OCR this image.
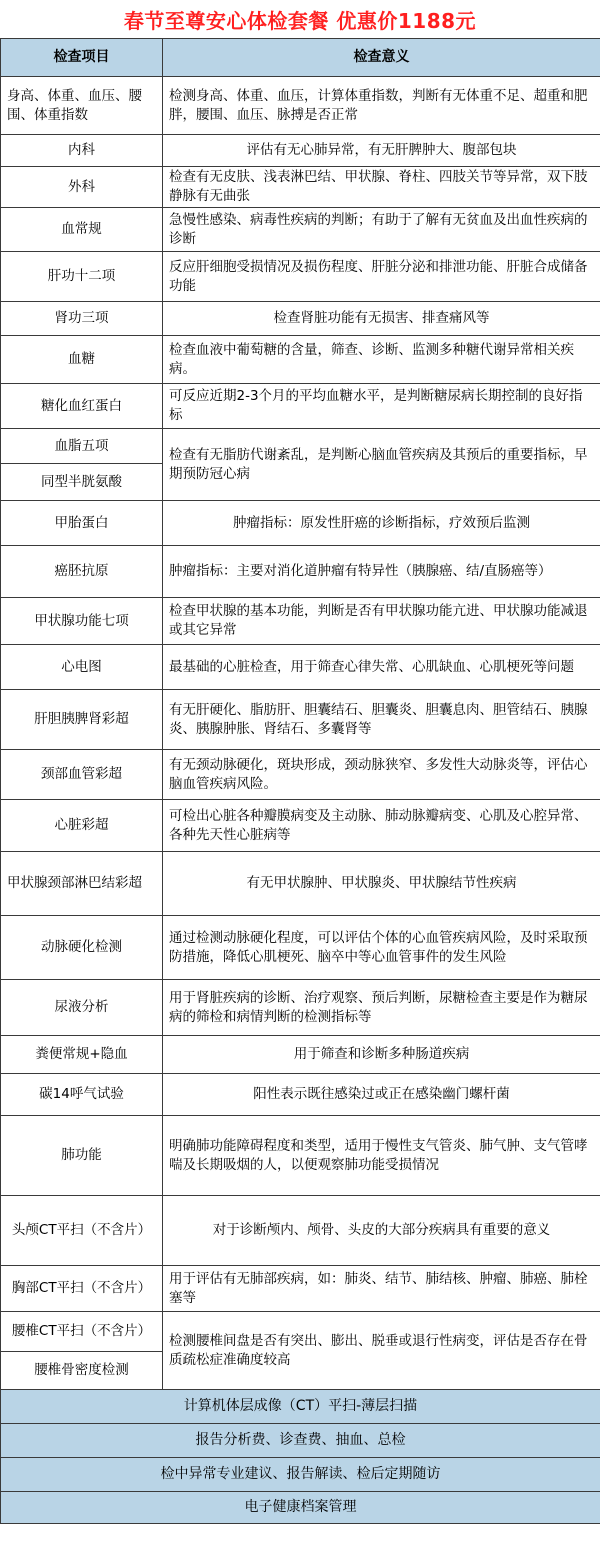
春节至尊安心体检套餐 优惠价1188元
检查项目	检查意义
身高、体重、血压、腰围、体重指数	检测身高、体重、血压，计算体重指数，判断有无体重不足、超重和肥胖，腰围、血压、脉搏是否正常
内科	评估有无心肺异常，有无肝脾肿大、腹部包块
外科	检查有无皮肤、浅表淋巴结、甲状腺、脊柱、四肢关节等异常，双下肢静脉有无曲张
血常规	急慢性感染、病毒性疾病的判断；有助于了解有无贫血及出血性疾病的诊断
肝功十二项	反应肝细胞受损情况及损伤程度、肝脏分泌和排泄功能、肝脏合成储备功能
肾功三项	检查肾脏功能有无损害、排查痛风等
血糖	检查血液中葡萄糖的含量，筛查、诊断、监测多种糖代谢异常相关疾病。
糖化血红蛋白	可反应近期2-3个月的平均血糖水平，是判断糖尿病长期控制的良好指标
血脂五项	检查有无脂肪代谢紊乱，是判断心脑血管疾病及其预后的重要指标，早期预防冠心病
同型半胱氨酸	
甲胎蛋白	肿瘤指标：原发性肝癌的诊断指标，疗效预后监测
癌胚抗原	肿瘤指标：主要对消化道肿瘤有特异性（胰腺癌、结/直肠癌等）
甲状腺功能七项	检查甲状腺的基本功能，判断是否有甲状腺功能亢进、甲状腺功能减退或其它异常
心电图	最基础的心脏检查，用于筛查心律失常、心肌缺血、心肌梗死等问题
肝胆胰脾肾彩超	有无肝硬化、脂肪肝、胆囊结石、胆囊炎、胆囊息肉、胆管结石、胰腺炎、胰腺肿胀、肾结石、多囊肾等
颈部血管彩超	有无颈动脉硬化，斑块形成，颈动脉狭窄、多发性大动脉炎等，评估心脑血管疾病风险。
心脏彩超	可检出心脏各种瓣膜病变及主动脉、肺动脉瓣病变、心肌及心腔异常、各种先天性心脏病等
甲状腺颈部淋巴结彩超	有无甲状腺肿、甲状腺炎、甲状腺结节性疾病
动脉硬化检测	通过检测动脉硬化程度，可以评估个体的心血管疾病风险，及时采取预防措施，降低心肌梗死、脑卒中等心血管事件的发生风险
尿液分析	用于肾脏疾病的诊断、治疗观察、预后判断，尿糖检查主要是作为糖尿病的筛检和病情判断的检测指标等
粪便常规+隐血	用于筛查和诊断多种肠道疾病
碳14呼气试验	阳性表示既往感染过或正在感染幽门螺杆菌
肺功能	明确肺功能障碍程度和类型，适用于慢性支气管炎、肺气肿、支气管哮喘及长期吸烟的人，以便观察肺功能受损情况
头颅CT平扫（不含片）	对于诊断颅内、颅骨、头皮的大部分疾病具有重要的意义
胸部CT平扫（不含片）	用于评估有无肺部疾病，如：肺炎、结节、肺结核、肿瘤、肺癌、肺栓塞等
腰椎CT平扫（不含片）	检测腰椎间盘是否有突出、膨出、脱垂或退行性病变，评估是否存在骨质疏松症准确度较高
腰椎骨密度检测	
计算机体层成像（CT）平扫-薄层扫描	
报告分析费、诊查费、抽血、总检	
检中异常专业建议、报告解读、检后定期随访	
电子健康档案管理	
